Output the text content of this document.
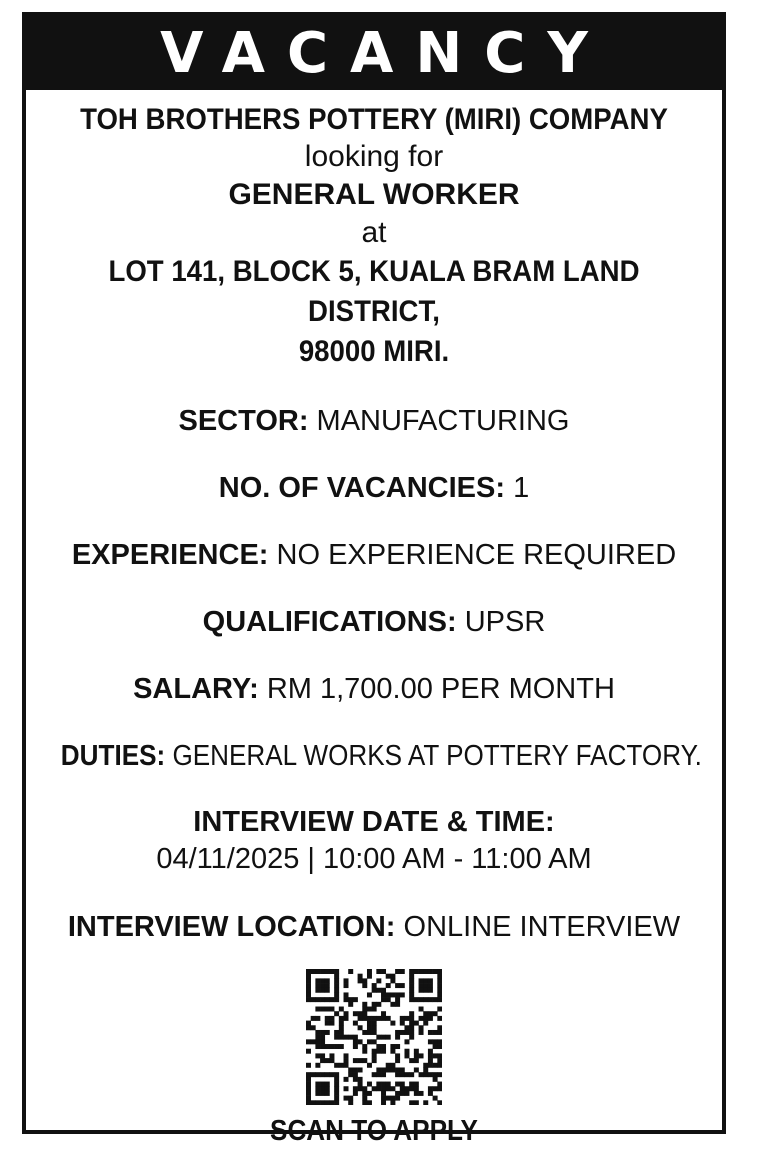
VACANCY
TOH BROTHERS POTTERY (MIRI) COMPANY
looking for
GENERAL WORKER
at
LOT 141, BLOCK 5, KUALA BRAM LAND DISTRICT,
98000 MIRI.
SECTOR: MANUFACTURING
NO. OF VACANCIES: 1
EXPERIENCE: NO EXPERIENCE REQUIRED
QUALIFICATIONS: UPSR
SALARY: RM 1,700.00 PER MONTH
DUTIES: GENERAL WORKS AT POTTERY FACTORY.
INTERVIEW DATE & TIME:
04/11/2025 | 10:00 AM - 11:00 AM
INTERVIEW LOCATION: ONLINE INTERVIEW
SCAN TO APPLY
